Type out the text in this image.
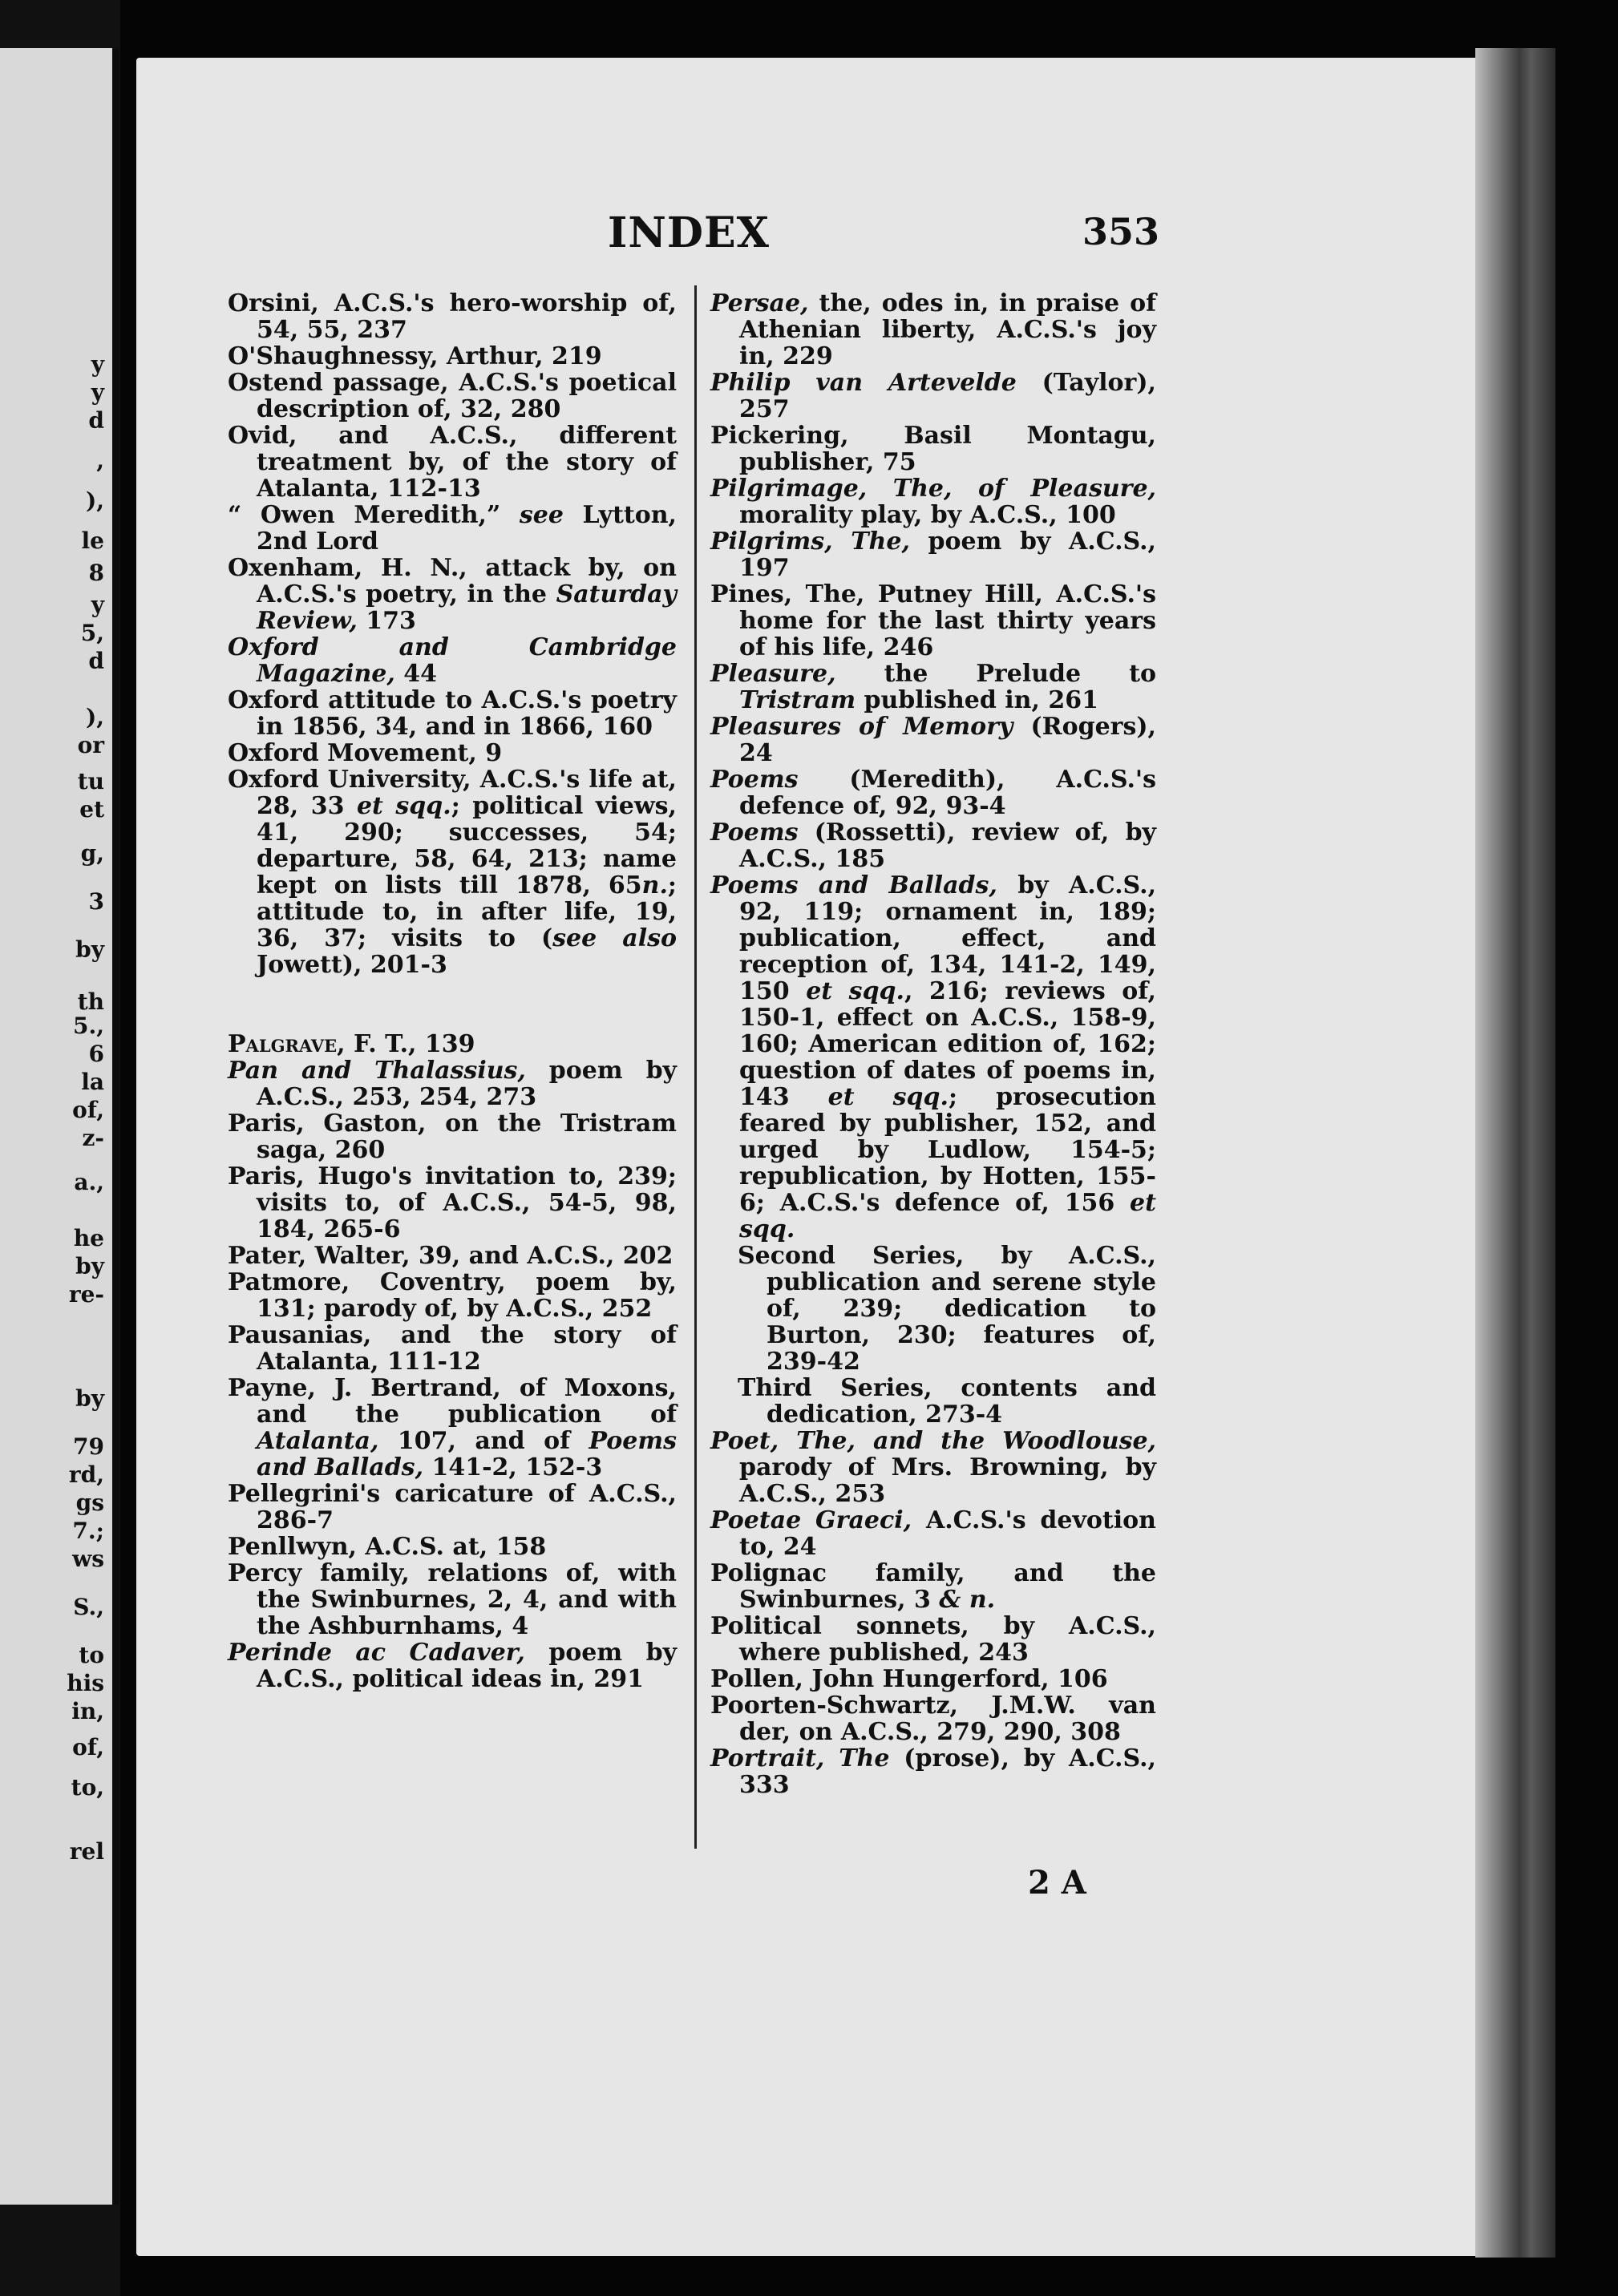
y
y
d
,
),
le
8
y
5,
d
),
or
tu
et
g,
3
by
th
5.,
6
la
of,
z-
a.,
he
by
re-
by
79
rd,
gs
7.;
ws
S.,
to
his
in,
of,
to,
rel
INDEX	353

Orsini, A.C.S.'s hero-worship of, 54, 55, 237

O'Shaughnessy, Arthur, 219

Ostend passage, A.C.S.'s poetical description of, 32, 280

Ovid, and A.C.S., different treatment by, of the story of Atalanta, 112-13

“ Owen Meredith,” see Lytton, 2nd Lord

Oxenham, H. N., attack by, on A.C.S.'s poetry, in the Saturday Review, 173

Oxford and Cambridge Magazine, 44

Oxford attitude to A.C.S.'s poetry in 1856, 34, and in 1866, 160

Oxford Movement, 9

Oxford University, A.C.S.'s life at, 28, 33 et sqq.; political views, 41, 290; successes, 54; departure, 58, 64, 213; name kept on lists till 1878, 65n.; attitude to, in after life, 19, 36, 37; visits to (see also Jowett), 201-3

Palgrave, F. T., 139

Pan and Thalassius, poem by A.C.S., 253, 254, 273

Paris, Gaston, on the Tristram saga, 260

Paris, Hugo's invitation to, 239; visits to, of A.C.S., 54-5, 98, 184, 265-6

Pater, Walter, 39, and A.C.S., 202

Patmore, Coventry, poem by, 131; parody of, by A.C.S., 252

Pausanias, and the story of Atalanta, 111-12

Payne, J. Bertrand, of Moxons, and the publication of Atalanta, 107, and of Poems and Ballads, 141-2, 152-3

Pellegrini's caricature of A.C.S., 286-7

Penllwyn, A.C.S. at, 158

Percy family, relations of, with the Swinburnes, 2, 4, and with the Ashburnhams, 4

Perinde ac Cadaver, poem by A.C.S., political ideas in, 291

Persae, the, odes in, in praise of Athenian liberty, A.C.S.'s joy in, 229

Philip van Artevelde (Taylor), 257

Pickering, Basil Montagu, publisher, 75

Pilgrimage, The, of Pleasure, morality play, by A.C.S., 100

Pilgrims, The, poem by A.C.S., 197

Pines, The, Putney Hill, A.C.S.'s home for the last thirty years of his life, 246

Pleasure, the Prelude to Tristram published in, 261

Pleasures of Memory (Rogers), 24

Poems (Meredith), A.C.S.'s defence of, 92, 93-4

Poems (Rossetti), review of, by A.C.S., 185

Poems and Ballads, by A.C.S., 92, 119; ornament in, 189; publication, effect, and reception of, 134, 141-2, 149, 150 et sqq., 216; reviews of, 150-1, effect on A.C.S., 158-9, 160; American edition of, 162; question of dates of poems in, 143 et sqq.; prosecution feared by publisher, 152, and urged by Ludlow, 154-5; republication, by Hotten, 155-6; A.C.S.'s defence of, 156 et sqq.

Second Series, by A.C.S., publication and serene style of, 239; dedication to Burton, 230; features of, 239-42

Third Series, contents and dedication, 273-4

Poet, The, and the Woodlouse, parody of Mrs. Browning, by A.C.S., 253

Poetae Graeci, A.C.S.'s devotion to, 24

Polignac family, and the Swinburnes, 3 & n.

Political sonnets, by A.C.S., where published, 243

Pollen, John Hungerford, 106

Poorten-Schwartz, J.M.W. van der, on A.C.S., 279, 290, 308

Portrait, The (prose), by A.C.S., 333

2 A
